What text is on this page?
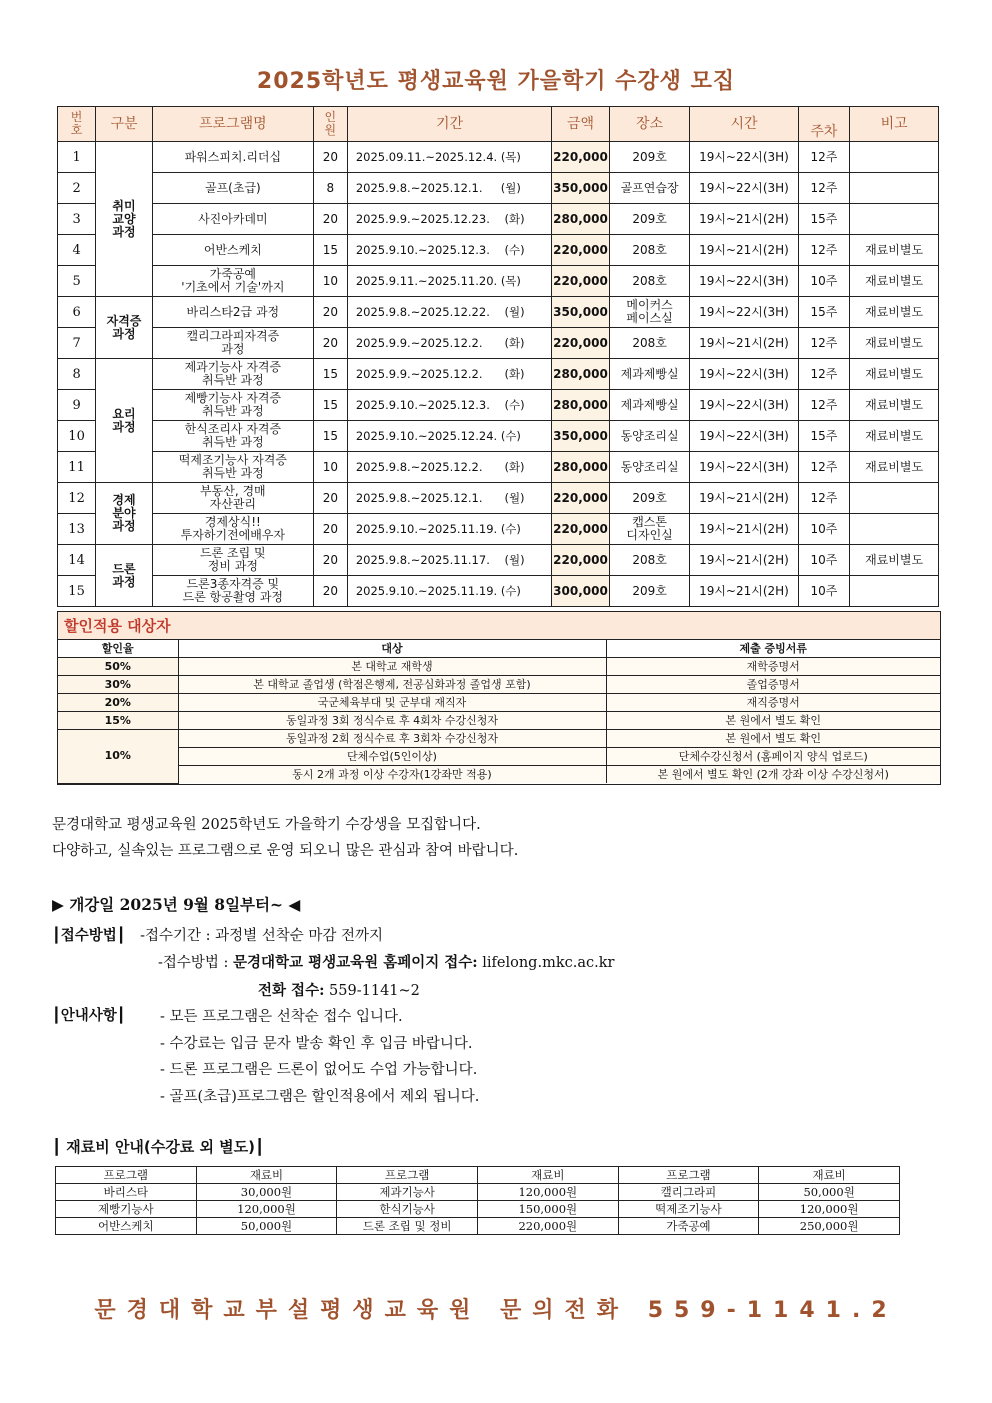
2025학년도 평생교육원 가을학기 수강생 모집
번
호	구분	프로그램명	인
원	기간	금액	장소	시간	주차	비고
1	취미
교양
과정	파워스피치.리더십	20	2025.09.11.~2025.12.4. (목)	220,000	209호	19시~22시(3H)	12주	
2		골프(초급)	8	2025.9.8.~2025.12.1.     (월)	350,000	골프연습장	19시~22시(3H)	12주	
3		사진아카데미	20	2025.9.9.~2025.12.23.    (화)	280,000	209호	19시~21시(2H)	15주	
4		어반스케치	15	2025.9.10.~2025.12.3.    (수)	220,000	208호	19시~21시(2H)	12주	재료비별도
5		가죽공예
'기초에서 기술'까지	10	2025.9.11.~2025.11.20. (목)	220,000	208호	19시~22시(3H)	10주	재료비별도
6	자격증
과정	바리스타2급 과정	20	2025.9.8.~2025.12.22.    (월)	350,000	메이커스
페이스실	19시~22시(3H)	15주	재료비별도
7		캘리그라피자격증
과정	20	2025.9.9.~2025.12.2.      (화)	220,000	208호	19시~21시(2H)	12주	재료비별도
8	요리
과정	제과기능사 자격증
취득반 과정	15	2025.9.9.~2025.12.2.      (화)	280,000	제과제빵실	19시~22시(3H)	12주	재료비별도
9		제빵기능사 자격증
취득반 과정	15	2025.9.10.~2025.12.3.    (수)	280,000	제과제빵실	19시~22시(3H)	12주	재료비별도
10		한식조리사 자격증
취득반 과정	15	2025.9.10.~2025.12.24. (수)	350,000	동양조리실	19시~22시(3H)	15주	재료비별도
11		떡제조기능사 자격증
취득반 과정	10	2025.9.8.~2025.12.2.      (화)	280,000	동양조리실	19시~22시(3H)	12주	재료비별도
12	경제
분야
과정	부동산, 경매
자산관리	20	2025.9.8.~2025.12.1.      (월)	220,000	209호	19시~21시(2H)	12주	
13		경제상식!!
투자하기전에배우자	20	2025.9.10.~2025.11.19. (수)	220,000	캡스톤
디자인실	19시~21시(2H)	10주	
14	드론
과정	드론 조립 및
정비 과정	20	2025.9.8.~2025.11.17.    (월)	220,000	208호	19시~21시(2H)	10주	재료비별도
15		드론3종자격증 및
드론 항공촬영 과정	20	2025.9.10.~2025.11.19. (수)	300,000	209호	19시~21시(2H)	10주	
할인적용 대상자
할인율	대상	제출 증빙서류
50%	본 대학교 재학생	재학증명서
30%	본 대학교 졸업생 (학점은행제, 전공심화과정 졸업생 포함)	졸업증명서
20%	국군체육부대 및 군부대 재직자	재직증명서
15%	동일과정 3회 정식수료 후 4회차 수강신청자	본 원에서 별도 확인
10%	동일과정 2회 정식수료 후 3회차 수강신청자	본 원에서 별도 확인
	단체수업(5인이상)	단체수강신청서 (홈페이지 양식 업로드)
	동시 2개 과정 이상 수강자(1강좌만 적용)	본 원에서 별도 확인 (2개 강좌 이상 수강신청서)
문경대학교 평생교육원 2025학년도 가을학기 수강생을 모집합니다.
다양하고, 실속있는 프로그램으로 운영 되오니 많은 관심과 참여 바랍니다.
▶ 개강일 2025년 9월 8일부터~ ◀
┃접수방법┃ -접수기간 : 과정별 선착순 마감 전까지
-접수방법 : 문경대학교 평생교육원 홈페이지 접수: lifelong.mkc.ac.kr
전화 접수: 559-1141~2
┃안내사항┃ - 모든 프로그램은 선착순 접수 입니다.
- 수강료는 입금 문자 발송 확인 후 입금 바랍니다.
- 드론 프로그램은 드론이 없어도 수업 가능합니다.
- 골프(초급)프로그램은 할인적용에서 제외 됩니다.
┃ 재료비 안내(수강료 외 별도)┃
프로그램	재료비	프로그램	재료비	프로그램	재료비
바리스타	30,000원	제과기능사	120,000원	캘리그라피	50,000원
제빵기능사	120,000원	한식기능사	150,000원	떡제조기능사	120,000원
어반스케치	50,000원	드론 조립 및 정비	220,000원	가죽공예	250,000원
문경대학교부설평생교육원 문의전화 559-1141.2
